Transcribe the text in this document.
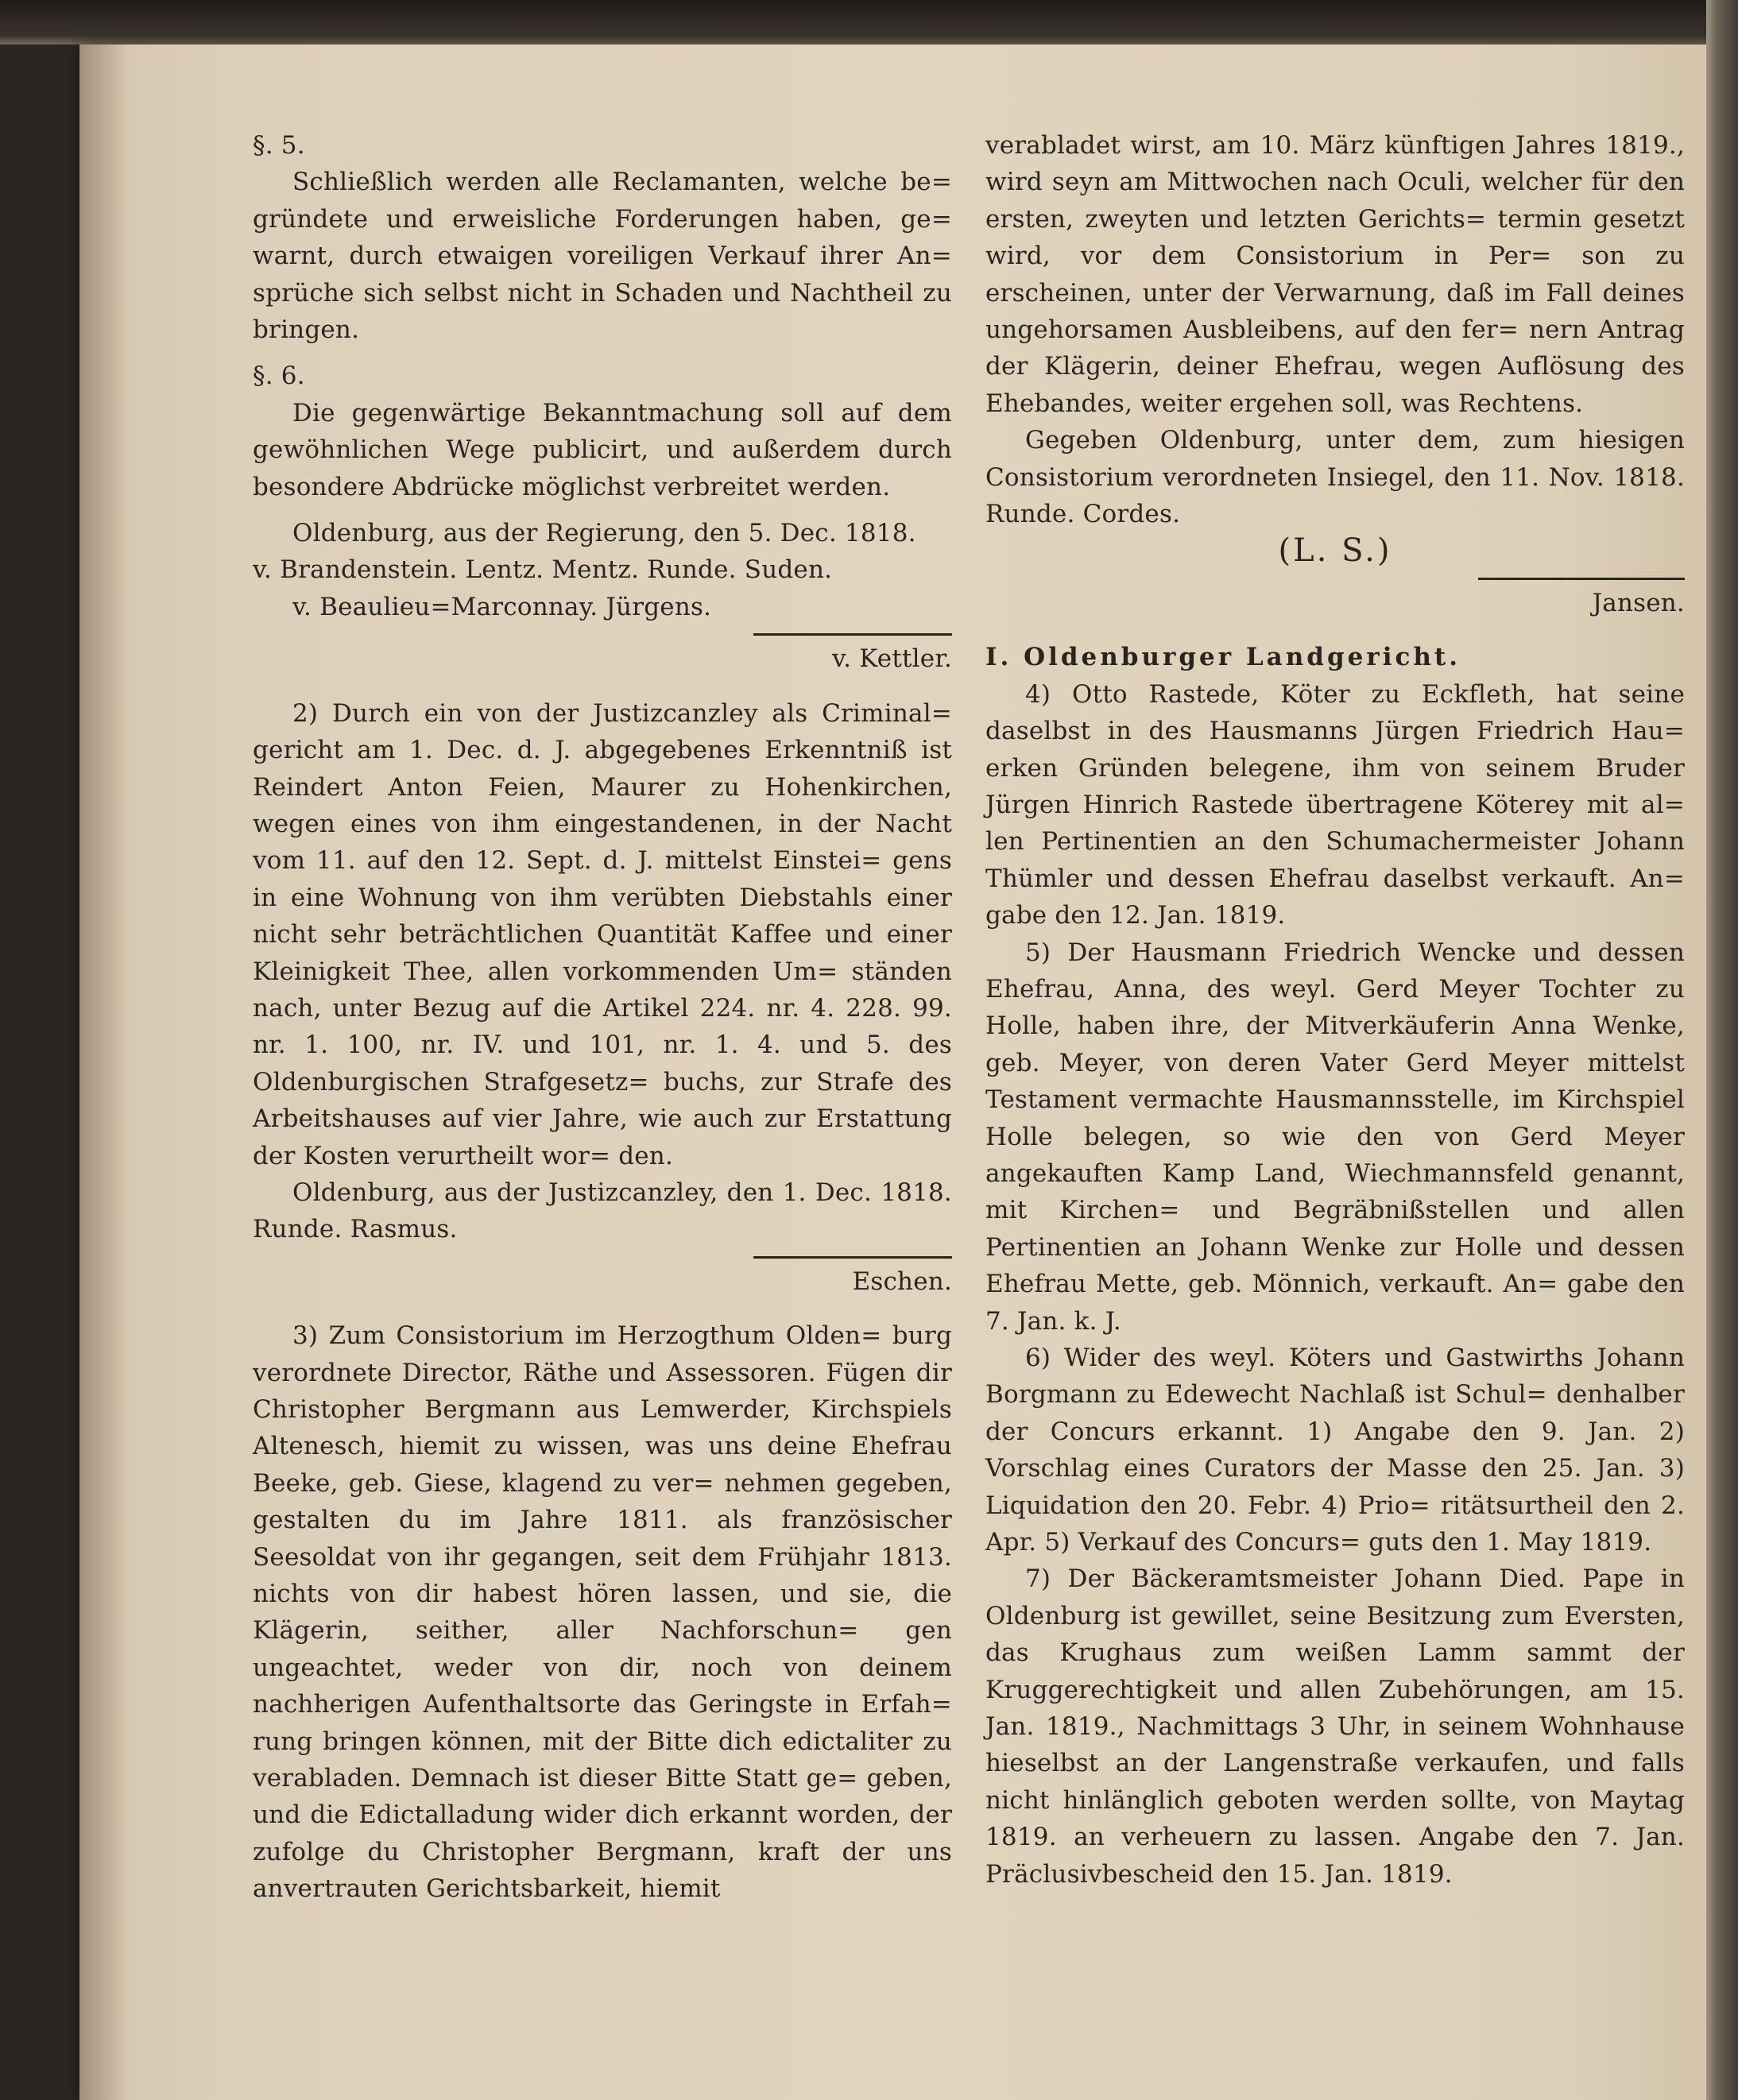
§. 5.

Schließlich werden alle Reclamanten, welche be= gründete und erweisliche Forderungen haben, ge= warnt, durch etwaigen voreiligen Verkauf ihrer An= sprüche sich selbst nicht in Schaden und Nachtheil zu bringen.

§. 6.

Die gegenwärtige Bekanntmachung soll auf dem gewöhnlichen Wege publicirt, und außerdem durch besondere Abdrücke möglichst verbreitet werden.

Oldenburg, aus der Regierung, den 5. Dec. 1818.

v. Brandenstein. Lentz. Mentz. Runde. Suden.

v. Beaulieu=Marconnay. Jürgens.

v. Kettler.

2) Durch ein von der Justizcanzley als Criminal= gericht am 1. Dec. d. J. abgegebenes Erkenntniß ist Reindert Anton Feien, Maurer zu Hohenkirchen, wegen eines von ihm eingestandenen, in der Nacht vom 11. auf den 12. Sept. d. J. mittelst Einstei= gens in eine Wohnung von ihm verübten Diebstahls einer nicht sehr beträchtlichen Quantität Kaffee und einer Kleinigkeit Thee, allen vorkommenden Um= ständen nach, unter Bezug auf die Artikel 224. nr. 4. 228. 99. nr. 1. 100, nr. IV. und 101, nr. 1. 4. und 5. des Oldenburgischen Strafgesetz= buchs, zur Strafe des Arbeitshauses auf vier Jahre, wie auch zur Erstattung der Kosten verurtheilt wor= den.

Oldenburg, aus der Justizcanzley, den 1. Dec. 1818. Runde. Rasmus.

Eschen.

3) Zum Consistorium im Herzogthum Olden= burg verordnete Director, Räthe und Assessoren. Fügen dir Christopher Bergmann aus Lemwerder, Kirchspiels Altenesch, hiemit zu wissen, was uns deine Ehefrau Beeke, geb. Giese, klagend zu ver= nehmen gegeben, gestalten du im Jahre 1811. als französischer Seesoldat von ihr gegangen, seit dem Frühjahr 1813. nichts von dir habest hören lassen, und sie, die Klägerin, seither, aller Nachforschun= gen ungeachtet, weder von dir, noch von deinem nachherigen Aufenthaltsorte das Geringste in Erfah= rung bringen können, mit der Bitte dich edictaliter zu verabladen. Demnach ist dieser Bitte Statt ge= geben, und die Edictalladung wider dich erkannt worden, der zufolge du Christopher Bergmann, kraft der uns anvertrauten Gerichtsbarkeit, hiemit

verabladet wirst, am 10. März künftigen Jahres 1819., wird seyn am Mittwochen nach Oculi, welcher für den ersten, zweyten und letzten Gerichts= termin gesetzt wird, vor dem Consistorium in Per= son zu erscheinen, unter der Verwarnung, daß im Fall deines ungehorsamen Ausbleibens, auf den fer= nern Antrag der Klägerin, deiner Ehefrau, wegen Auflösung des Ehebandes, weiter ergehen soll, was Rechtens.

Gegeben Oldenburg, unter dem, zum hiesigen Consistorium verordneten Insiegel, den 11. Nov. 1818. Runde. Cordes.

(L. S.)

Jansen.

I. Oldenburger Landgericht.

4) Otto Rastede, Köter zu Eckfleth, hat seine daselbst in des Hausmanns Jürgen Friedrich Hau= erken Gründen belegene, ihm von seinem Bruder Jürgen Hinrich Rastede übertragene Köterey mit al= len Pertinentien an den Schumachermeister Johann Thümler und dessen Ehefrau daselbst verkauft. An= gabe den 12. Jan. 1819.

5) Der Hausmann Friedrich Wencke und dessen Ehefrau, Anna, des weyl. Gerd Meyer Tochter zu Holle, haben ihre, der Mitverkäuferin Anna Wenke, geb. Meyer, von deren Vater Gerd Meyer mittelst Testament vermachte Hausmannsstelle, im Kirchspiel Holle belegen, so wie den von Gerd Meyer angekauften Kamp Land, Wiechmannsfeld genannt, mit Kirchen= und Begräbnißstellen und allen Pertinentien an Johann Wenke zur Holle und dessen Ehefrau Mette, geb. Mönnich, verkauft. An= gabe den 7. Jan. k. J.

6) Wider des weyl. Köters und Gastwirths Johann Borgmann zu Edewecht Nachlaß ist Schul= denhalber der Concurs erkannt. 1) Angabe den 9. Jan. 2) Vorschlag eines Curators der Masse den 25. Jan. 3) Liquidation den 20. Febr. 4) Prio= ritätsurtheil den 2. Apr. 5) Verkauf des Concurs= guts den 1. May 1819.

7) Der Bäckeramtsmeister Johann Died. Pape in Oldenburg ist gewillet, seine Besitzung zum Eversten, das Krughaus zum weißen Lamm sammt der Kruggerechtigkeit und allen Zubehörungen, am 15. Jan. 1819., Nachmittags 3 Uhr, in seinem Wohnhause hieselbst an der Langenstraße verkaufen, und falls nicht hinlänglich geboten werden sollte, von Maytag 1819. an verheuern zu lassen. Angabe den 7. Jan. Präclusivbescheid den 15. Jan. 1819.
